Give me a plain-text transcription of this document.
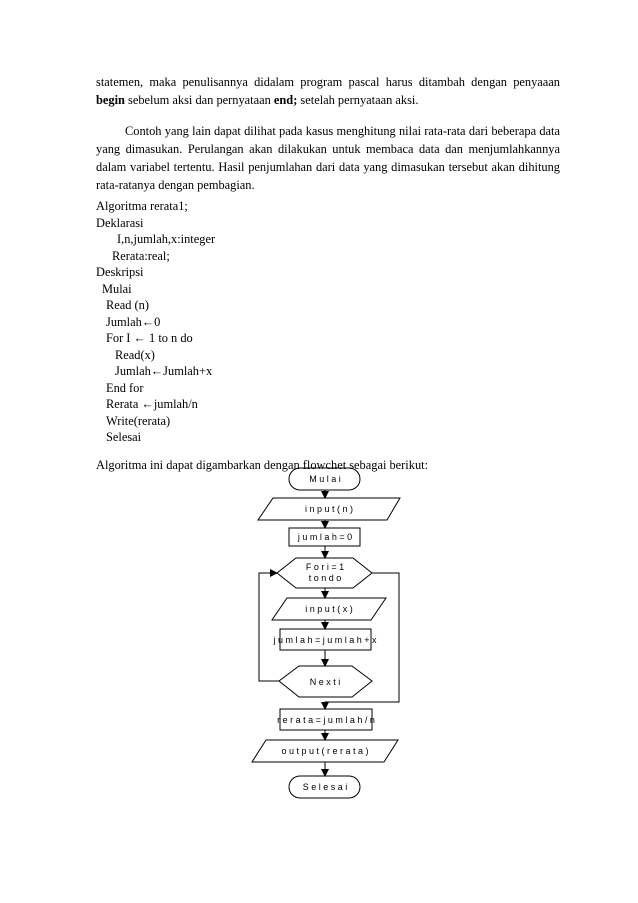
statemen, maka penulisannya didalam program pascal harus ditambah dengan penyaaan

begin sebelum aksi dan pernyataan end; setelah pernyataan aksi.

Contoh yang lain dapat dilihat pada kasus menghitung nilai rata-rata dari beberapa data yang dimasukan. Perulangan akan dilakukan untuk membaca data dan menjumlahkannya dalam variabel tertentu. Hasil penjumlahan dari data yang dimasukan tersebut akan dihitung rata-ratanya dengan pembagian.

Algoritma rerata1;

Deklarasi

I,n,jumlah,x:integer

Rerata:real;

Deskripsi

Mulai

Read (n)

Jumlah←0

For I ← 1 to n do

Read(x)

Jumlah←Jumlah+x

End for

Rerata ←jumlah/n

Write(rerata)

Selesai

Algoritma ini dapat digambarkan dengan flowchet sebagai berikut:

M u l a i
i n p u t ( n )
j u m l a h = 0
F o r i = 1
t o n d o
i n p u t ( x )
j u m l a h = j u m l a h + x
N e x t i
r e r a t a = j u m l a h / n
o u t p u t ( r e r a t a )
S e l e s a i
